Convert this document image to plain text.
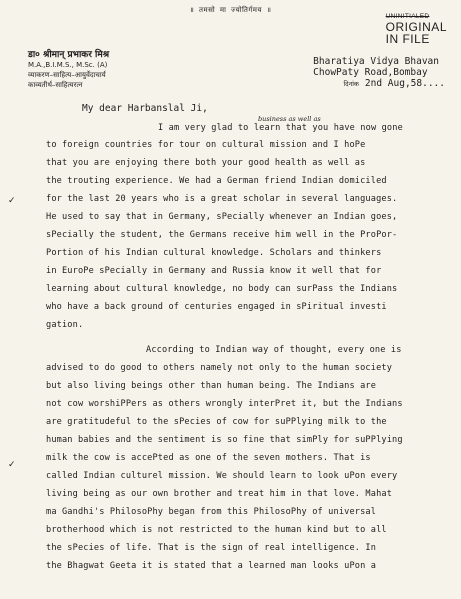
॥ तमसो मा ज्योतिर्गमय ॥
UNINITIALED
ORIGINAL
IN FILE
डा० श्रीमान् प्रभाकर मिश्र
M.A.,B.I.M.S., M.Sc. (A)
व्याकरण–साहित्य–आयुर्वेदाचार्य
काव्यतीर्थ–साहित्यरत्न
Bharatiya Vidya Bhavan
ChowPaty Road,Bombay
दिनांक 2nd Aug,58....
My dear Harbanslal Ji,
business as well as
✓
✓
I am very glad to learn that you have now gone
to foreign countries for tour on cultural mission and I hoPe
that you are enjoying there both your good health as well as
the trouting experience. We had a German friend Indian domiciled
for the last 20 years who is a great scholar in several languages.
He used to say that in Germany, sPecially whenever an Indian goes,
sPecially the student, the Germans receive him well in the ProPor-
Portion of his Indian cultural knowledge. Scholars and thinkers
in EuroPe sPecially in Germany and Russia know it well that for
learning about cultural knowledge, no body can surPass the Indians
who have a back ground of centuries engaged in sPiritual investi
gation.
According to Indian way of thought, every one is
advised to do good to others namely not only to the human society
but also living beings other than human being. The Indians are
not cow worshiPPers as others wrongly interPret it, but the Indians
are gratitudeful to the sPecies of cow for suPPlying milk to the
human babies and the sentiment is so fine that simPly for suPPlying
milk the cow is accePted as one of the seven mothers. That is
called Indian culturel mission. We should learn to look uPon every
living being as our own brother and treat him in that love. Mahat
ma Gandhi's PhilosoPhy began from this PhilosoPhy of universal
brotherhood which is not restricted to the human kind but to all
the sPecies of life. That is the sign of real intelligence. In
the Bhagwat Geeta it is stated that a learned man looks uPon a
